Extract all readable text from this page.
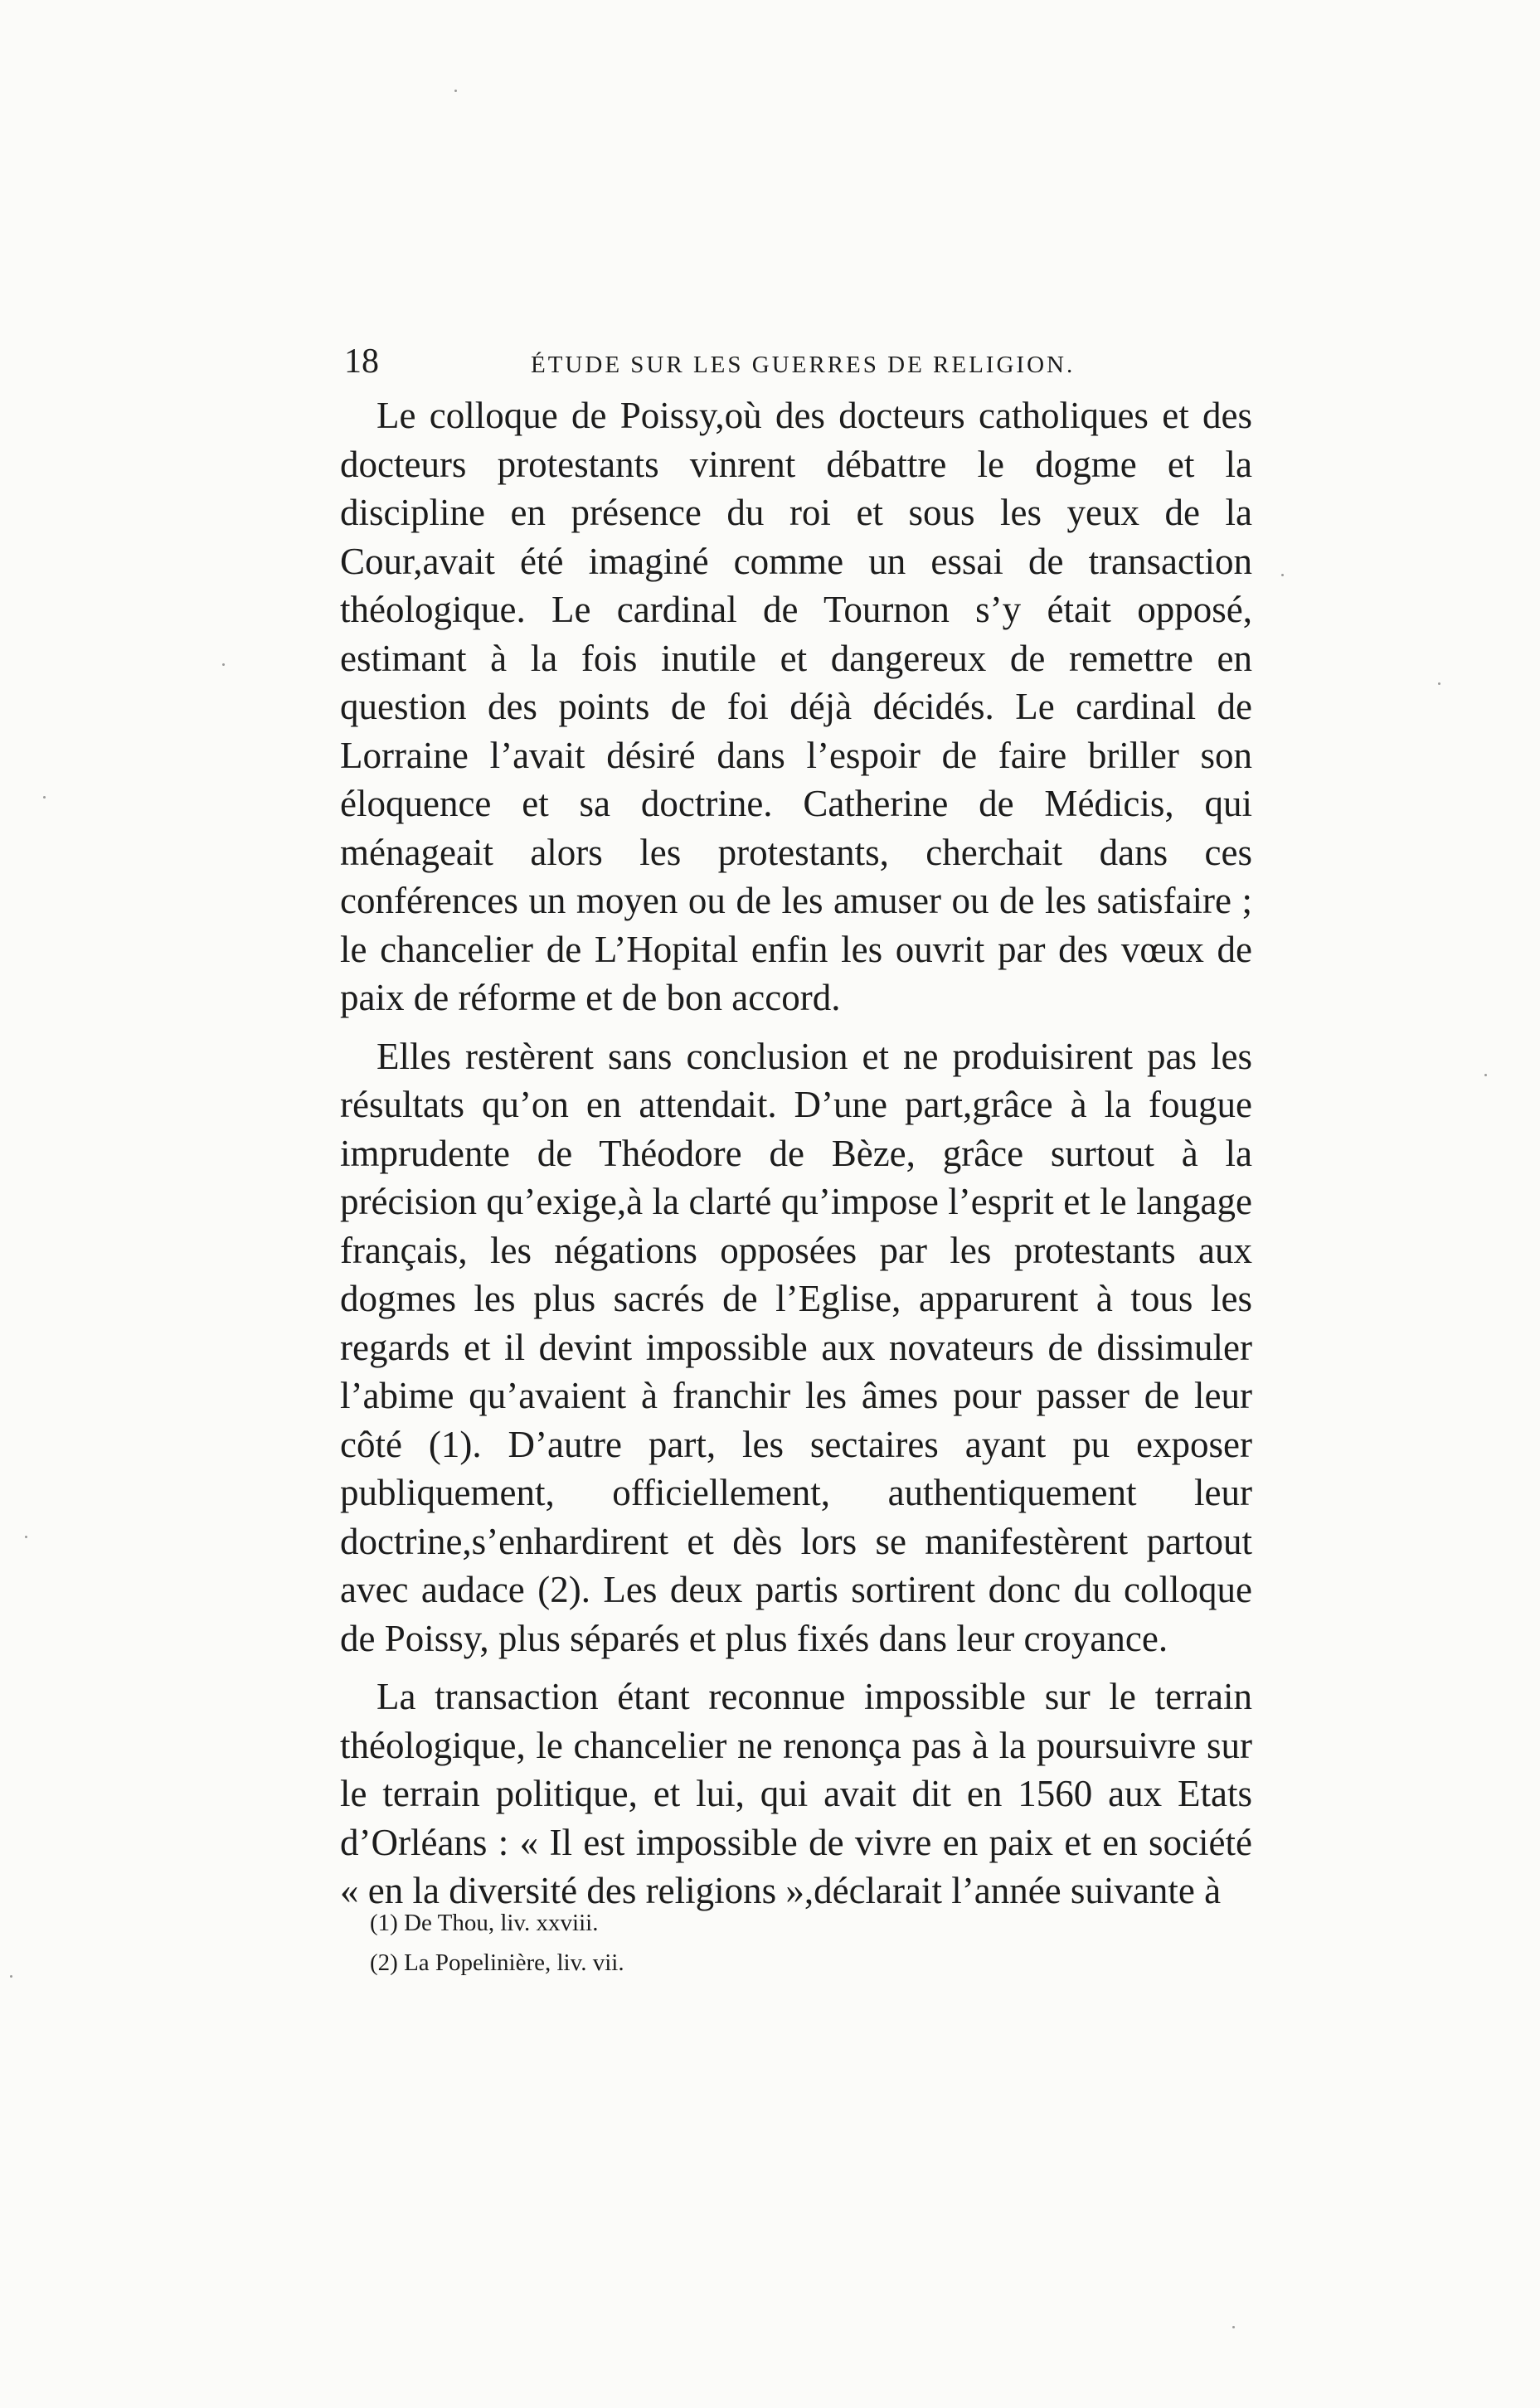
18	ÉTUDE SUR LES GUERRES DE RELIGION.

Le colloque de Poissy,où des docteurs catholiques et des docteurs protestants vinrent débattre le dogme et la discipline en présence du roi et sous les yeux de la Cour,avait été imaginé comme un essai de transaction théologique. Le cardinal de Tournon s’y était opposé, estimant à la fois inutile et dangereux de remettre en question des points de foi déjà décidés. Le cardinal de Lorraine l’avait désiré dans l’espoir de faire briller son éloquence et sa doctrine. Catherine de Médicis, qui ménageait alors les protestants, cherchait dans ces conférences un moyen ou de les amuser ou de les satisfaire ; le chancelier de L’Hopital enfin les ouvrit par des vœux de paix de réforme et de bon accord.

Elles restèrent sans conclusion et ne produisirent pas les résultats qu’on en attendait. D’une part,grâce à la fougue imprudente de Théodore de Bèze, grâce surtout à la précision qu’exige,à la clarté qu’impose l’esprit et le langage français, les négations opposées par les protestants aux dogmes les plus sacrés de l’Eglise, apparurent à tous les regards et il devint impossible aux novateurs de dissimuler l’abime qu’avaient à franchir les âmes pour passer de leur côté (1). D’autre part, les sectaires ayant pu exposer publiquement, officiellement, authentiquement leur doctrine,s’enhardirent et dès lors se manifestèrent partout avec audace (2). Les deux partis sortirent donc du colloque de Poissy, plus séparés et plus fixés dans leur croyance.

La transaction étant reconnue impossible sur le terrain théologique, le chancelier ne renonça pas à la poursuivre sur le terrain politique, et lui, qui avait dit en 1560 aux Etats d’Orléans : « Il est impossible de vivre en paix et en société « en la diversité des religions »,déclarait l’année suivante à

(1) De Thou, liv. xxviii.

(2) La Popelinière, liv. vii.
